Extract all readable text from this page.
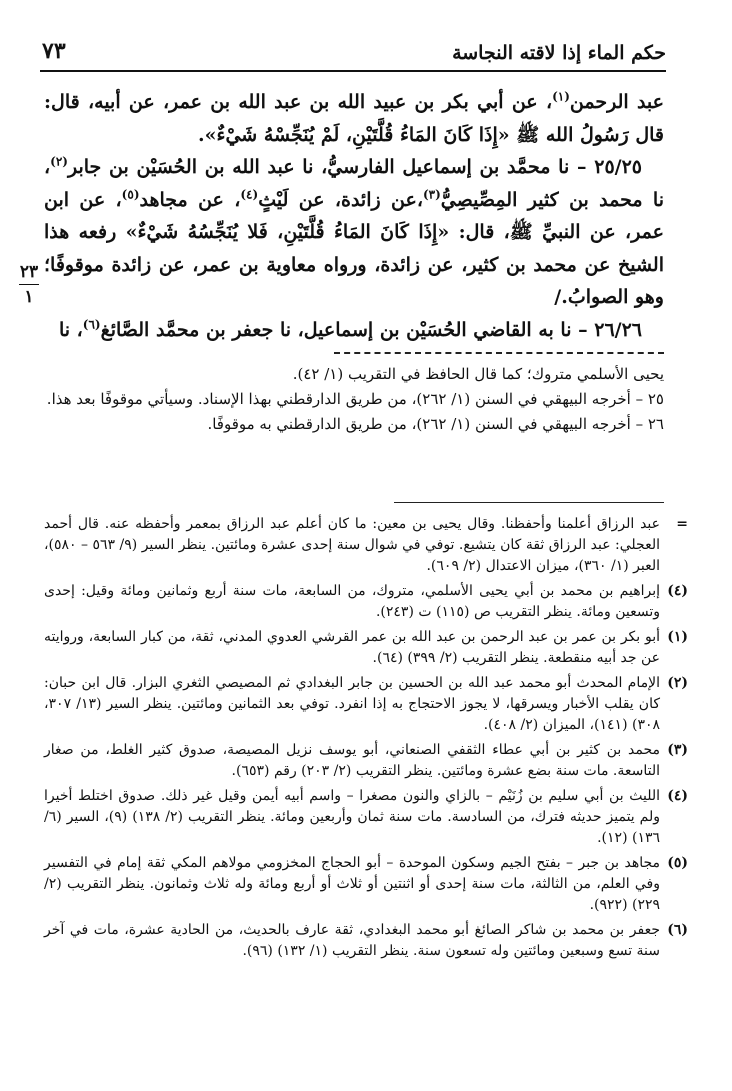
حكم الماء إذا لاقته النجاسة
٧٣

عبد الرحمن$^{(١)}$، عن أبي بكر بن عبيد الله بن عبد الله بن عمر، عن أبيه، قال: قال رَسُولُ الله ﷺ «إِذَا كَانَ المَاءُ قُلَّتَيْنِ، لَمْ يُنَجِّسْهُ شَيْءٌ».

٢٥/٢٥ – نا محمَّد بن إسماعيل الفارسيُّ، نا عبد الله بن الحُسَيْن بن جابر$^{(٢)}$، نا محمد بن كثير المِصِّيصِيُّ$^{(٣)}$،عن زائدة، عن لَيْثٍ$^{(٤)}$، عن مجاهد$^{(٥)}$، عن ابن عمر، عن النبيِّ ﷺ، قال: «إِذَا كَانَ المَاءُ قُلَّتَيْنِ، فَلا يُنَجِّسُهُ شَيْءٌ» رفعه هذا الشيخ عن محمد بن كثير، عن زائدة، ورواه معاوية بن عمر، عن زائدة موقوفًا؛ وهو الصوابُ./

٢٦/٢٦ – نا به القاضي الحُسَيْن بن إسماعيل، نا جعفر بن محمَّد الصَّائغ$^{(٦)}$، نا

٢٣
١

يحيى الأسلمي متروك؛ كما قال الحافظ في التقريب (١/ ٤٢).

٢٥ – أخرجه البيهقي في السنن (١/ ٢٦٢)، من طريق الدارقطني بهذا الإسناد. وسيأتي موقوفًا بعد هذا.

٢٦ – أخرجه البيهقي في السنن (١/ ٢٦٢)، من طريق الدارقطني به موقوفًا.

=
عبد الرزاق أعلمنا وأحفظنا. وقال يحيى بن معين: ما كان أعلم عبد الرزاق بمعمر وأحفظه عنه. قال أحمد العجلي: عبد الرزاق ثقة كان يتشيع. توفي في شوال سنة إحدى عشرة ومائتين. ينظر السير (٩/ ٥٦٣ – ٥٨٠)، العبر (١/ ٣٦٠)، ميزان الاعتدال (٢/ ٦٠٩).
(٤)
إبراهيم بن محمد بن أبي يحيى الأسلمي، متروك، من السابعة، مات سنة أربع وثمانين ومائة وقيل: إحدى وتسعين ومائة. ينظر التقريب ص (١١٥) ت (٢٤٣).
(١)
أبو بكر بن عمر بن عبد الرحمن بن عبد الله بن عمر القرشي العدوي المدني، ثقة، من كبار السابعة، وروايته عن جد أبيه منقطعة. ينظر التقريب (٢/ ٣٩٩) (٦٤).
(٢)
الإمام المحدث أبو محمد عبد الله بن الحسين بن جابر البغدادي ثم المصيصي الثغري البزار. قال ابن حبان: كان يقلب الأخبار ويسرقها، لا يجوز الاحتجاج به إذا انفرد. توفي بعد الثمانين ومائتين. ينظر السير (١٣/ ٣٠٧، ٣٠٨) (١٤١)، الميزان (٢/ ٤٠٨).
(٣)
محمد بن كثير بن أبي عطاء الثقفي الصنعاني، أبو يوسف نزيل المصيصة، صدوق كثير الغلط، من صغار التاسعة. مات سنة بضع عشرة ومائتين. ينظر التقريب (٢/ ٢٠٣) رقم (٦٥٣).
(٤)
الليث بن أبي سليم بن زُنَيْم – بالزاي والنون مصغرا – واسم أبيه أيمن وقيل غير ذلك. صدوق اختلط أخيرا ولم يتميز حديثه فترك، من السادسة. مات سنة ثمان وأربعين ومائة. ينظر التقريب (٢/ ١٣٨) (٩)، السير (٦/ ١٣٦) (١٢).
(٥)
مجاهد بن جبر – بفتح الجيم وسكون الموحدة – أبو الحجاج المخزومي مولاهم المكي ثقة إمام في التفسير وفي العلم، من الثالثة، مات سنة إحدى أو اثنتين أو ثلاث أو أربع ومائة وله ثلاث وثمانون. ينظر التقريب (٢/ ٢٢٩) (٩٢٢).
(٦)
جعفر بن محمد بن شاكر الصائغ أبو محمد البغدادي، ثقة عارف بالحديث، من الحادية عشرة، مات في آخر سنة تسع وسبعين ومائتين وله تسعون سنة. ينظر التقريب (١/ ١٣٢) (٩٦).
